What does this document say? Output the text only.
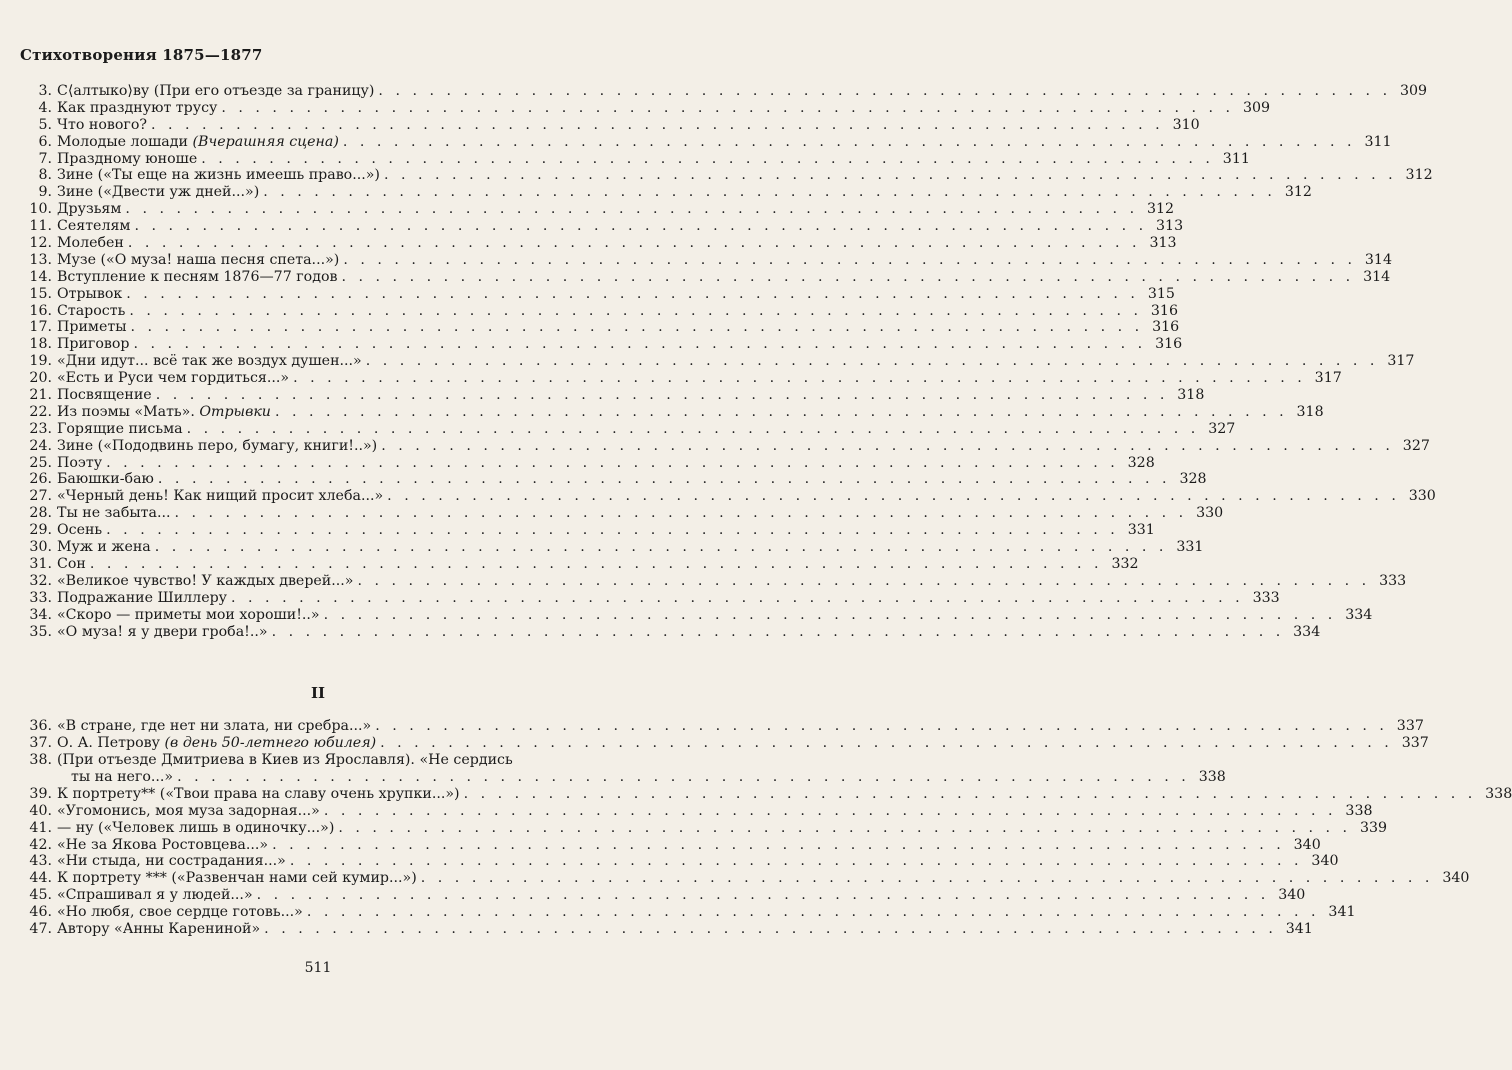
Стихотворения 1875—1877
3. С⟨алтыко⟩ву (При его отъезде за границу) . . . . . . . . . . . . . . . . . . . . . . . . . . . . . . . . . . . . . . . . . . . . . . . . . . . . . . . . . . . . 309
4. Как празднуют трусу . . . . . . . . . . . . . . . . . . . . . . . . . . . . . . . . . . . . . . . . . . . . . . . . . . . . . . . . . . . . 309
5. Что нового? . . . . . . . . . . . . . . . . . . . . . . . . . . . . . . . . . . . . . . . . . . . . . . . . . . . . . . . . . . . . 310
6. Молодые лошади (Вчерашняя сцена) . . . . . . . . . . . . . . . . . . . . . . . . . . . . . . . . . . . . . . . . . . . . . . . . . . . . . . . . . . . . 311
7. Праздному юноше . . . . . . . . . . . . . . . . . . . . . . . . . . . . . . . . . . . . . . . . . . . . . . . . . . . . . . . . . . . . 311
8. Зине («Ты еще на жизнь имеешь право...») . . . . . . . . . . . . . . . . . . . . . . . . . . . . . . . . . . . . . . . . . . . . . . . . . . . . . . . . . . . . 312
9. Зине («Двести уж дней...») . . . . . . . . . . . . . . . . . . . . . . . . . . . . . . . . . . . . . . . . . . . . . . . . . . . . . . . . . . . . 312
10. Друзьям . . . . . . . . . . . . . . . . . . . . . . . . . . . . . . . . . . . . . . . . . . . . . . . . . . . . . . . . . . . . 312
11. Сеятелям . . . . . . . . . . . . . . . . . . . . . . . . . . . . . . . . . . . . . . . . . . . . . . . . . . . . . . . . . . . . 313
12. Молебен . . . . . . . . . . . . . . . . . . . . . . . . . . . . . . . . . . . . . . . . . . . . . . . . . . . . . . . . . . . . 313
13. Музе («О муза! наша песня спета...») . . . . . . . . . . . . . . . . . . . . . . . . . . . . . . . . . . . . . . . . . . . . . . . . . . . . . . . . . . . . 314
14. Вступление к песням 1876—77 годов . . . . . . . . . . . . . . . . . . . . . . . . . . . . . . . . . . . . . . . . . . . . . . . . . . . . . . . . . . . . 314
15. Отрывок . . . . . . . . . . . . . . . . . . . . . . . . . . . . . . . . . . . . . . . . . . . . . . . . . . . . . . . . . . . . 315
16. Старость . . . . . . . . . . . . . . . . . . . . . . . . . . . . . . . . . . . . . . . . . . . . . . . . . . . . . . . . . . . . 316
17. Приметы . . . . . . . . . . . . . . . . . . . . . . . . . . . . . . . . . . . . . . . . . . . . . . . . . . . . . . . . . . . . 316
18. Приговор . . . . . . . . . . . . . . . . . . . . . . . . . . . . . . . . . . . . . . . . . . . . . . . . . . . . . . . . . . . . 316
19. «Дни идут... всё так же воздух душен...» . . . . . . . . . . . . . . . . . . . . . . . . . . . . . . . . . . . . . . . . . . . . . . . . . . . . . . . . . . . . 317
20. «Есть и Руси чем гордиться...» . . . . . . . . . . . . . . . . . . . . . . . . . . . . . . . . . . . . . . . . . . . . . . . . . . . . . . . . . . . . 317
21. Посвящение . . . . . . . . . . . . . . . . . . . . . . . . . . . . . . . . . . . . . . . . . . . . . . . . . . . . . . . . . . . . 318
22. Из поэмы «Мать». Отрывки . . . . . . . . . . . . . . . . . . . . . . . . . . . . . . . . . . . . . . . . . . . . . . . . . . . . . . . . . . . . 318
23. Горящие письма . . . . . . . . . . . . . . . . . . . . . . . . . . . . . . . . . . . . . . . . . . . . . . . . . . . . . . . . . . . . 327
24. Зине («Пододвинь перо, бумагу, книги!..») . . . . . . . . . . . . . . . . . . . . . . . . . . . . . . . . . . . . . . . . . . . . . . . . . . . . . . . . . . . . 327
25. Поэту . . . . . . . . . . . . . . . . . . . . . . . . . . . . . . . . . . . . . . . . . . . . . . . . . . . . . . . . . . . . 328
26. Баюшки-баю . . . . . . . . . . . . . . . . . . . . . . . . . . . . . . . . . . . . . . . . . . . . . . . . . . . . . . . . . . . . 328
27. «Черный день! Как нищий просит хлеба...» . . . . . . . . . . . . . . . . . . . . . . . . . . . . . . . . . . . . . . . . . . . . . . . . . . . . . . . . . . . . 330
28. Ты не забыта... . . . . . . . . . . . . . . . . . . . . . . . . . . . . . . . . . . . . . . . . . . . . . . . . . . . . . . . . . . . . 330
29. Осень . . . . . . . . . . . . . . . . . . . . . . . . . . . . . . . . . . . . . . . . . . . . . . . . . . . . . . . . . . . . 331
30. Муж и жена . . . . . . . . . . . . . . . . . . . . . . . . . . . . . . . . . . . . . . . . . . . . . . . . . . . . . . . . . . . . 331
31. Сон . . . . . . . . . . . . . . . . . . . . . . . . . . . . . . . . . . . . . . . . . . . . . . . . . . . . . . . . . . . . 332
32. «Великое чувство! У каждых дверей...» . . . . . . . . . . . . . . . . . . . . . . . . . . . . . . . . . . . . . . . . . . . . . . . . . . . . . . . . . . . . 333
33. Подражание Шиллеру . . . . . . . . . . . . . . . . . . . . . . . . . . . . . . . . . . . . . . . . . . . . . . . . . . . . . . . . . . . . 333
34. «Скоро — приметы мои хороши!..» . . . . . . . . . . . . . . . . . . . . . . . . . . . . . . . . . . . . . . . . . . . . . . . . . . . . . . . . . . . . 334
35. «О муза! я у двери гроба!..» . . . . . . . . . . . . . . . . . . . . . . . . . . . . . . . . . . . . . . . . . . . . . . . . . . . . . . . . . . . . 334
II
36. «В стране, где нет ни злата, ни сребра...» . . . . . . . . . . . . . . . . . . . . . . . . . . . . . . . . . . . . . . . . . . . . . . . . . . . . . . . . . . . . 337
37. О. А. Петрову (в день 50-летнего юбилея) . . . . . . . . . . . . . . . . . . . . . . . . . . . . . . . . . . . . . . . . . . . . . . . . . . . . . . . . . . . . 337
38. (При отъезде Дмитриева в Киев из Ярославля). «Не сердись
ты на него...» . . . . . . . . . . . . . . . . . . . . . . . . . . . . . . . . . . . . . . . . . . . . . . . . . . . . . . . . . . . . 338
39. К портрету** («Твои права на славу очень хрупки...») . . . . . . . . . . . . . . . . . . . . . . . . . . . . . . . . . . . . . . . . . . . . . . . . . . . . . . . . . . . . 338
40. «Угомонись, моя муза задорная...» . . . . . . . . . . . . . . . . . . . . . . . . . . . . . . . . . . . . . . . . . . . . . . . . . . . . . . . . . . . . 338
41. — ну («Человек лишь в одиночку...») . . . . . . . . . . . . . . . . . . . . . . . . . . . . . . . . . . . . . . . . . . . . . . . . . . . . . . . . . . . . 339
42. «Не за Якова Ростовцева...» . . . . . . . . . . . . . . . . . . . . . . . . . . . . . . . . . . . . . . . . . . . . . . . . . . . . . . . . . . . . 340
43. «Ни стыда, ни сострадания...» . . . . . . . . . . . . . . . . . . . . . . . . . . . . . . . . . . . . . . . . . . . . . . . . . . . . . . . . . . . . 340
44. К портрету *** («Развенчан нами сей кумир...») . . . . . . . . . . . . . . . . . . . . . . . . . . . . . . . . . . . . . . . . . . . . . . . . . . . . . . . . . . . . 340
45. «Спрашивал я у людей...» . . . . . . . . . . . . . . . . . . . . . . . . . . . . . . . . . . . . . . . . . . . . . . . . . . . . . . . . . . . . 340
46. «Но любя, свое сердце готовь...» . . . . . . . . . . . . . . . . . . . . . . . . . . . . . . . . . . . . . . . . . . . . . . . . . . . . . . . . . . . . 341
47. Автору «Анны Карениной» . . . . . . . . . . . . . . . . . . . . . . . . . . . . . . . . . . . . . . . . . . . . . . . . . . . . . . . . . . . . 341
511
